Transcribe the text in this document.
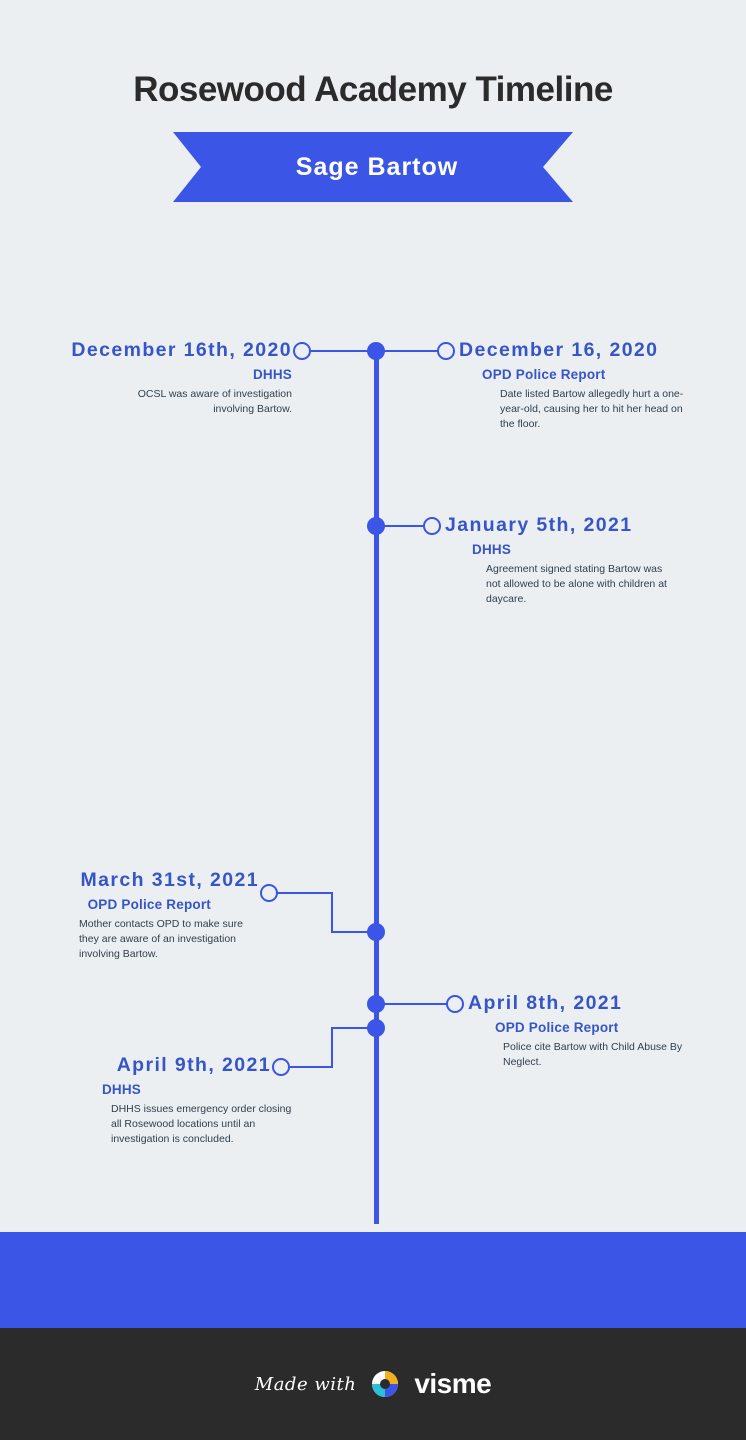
Rosewood Academy Timeline
Sage Bartow
December 16th, 2020
DHHS
OCSL was aware of investigation involving Bartow.
December 16, 2020
OPD Police Report
Date listed Bartow allegedly hurt a one-year-old, causing her to hit her head on the floor.
January 5th, 2021
DHHS
Agreement signed stating Bartow was not allowed to be alone with children at daycare.
March 31st, 2021
OPD Police Report
Mother contacts OPD to make sure they are aware of an investigation involving Bartow.
April 8th, 2021
OPD Police Report
Police cite Bartow with Child Abuse By Neglect.
April 9th, 2021
DHHS
DHHS issues emergency order closing all Rosewood locations until an investigation is concluded.
Made with visme
